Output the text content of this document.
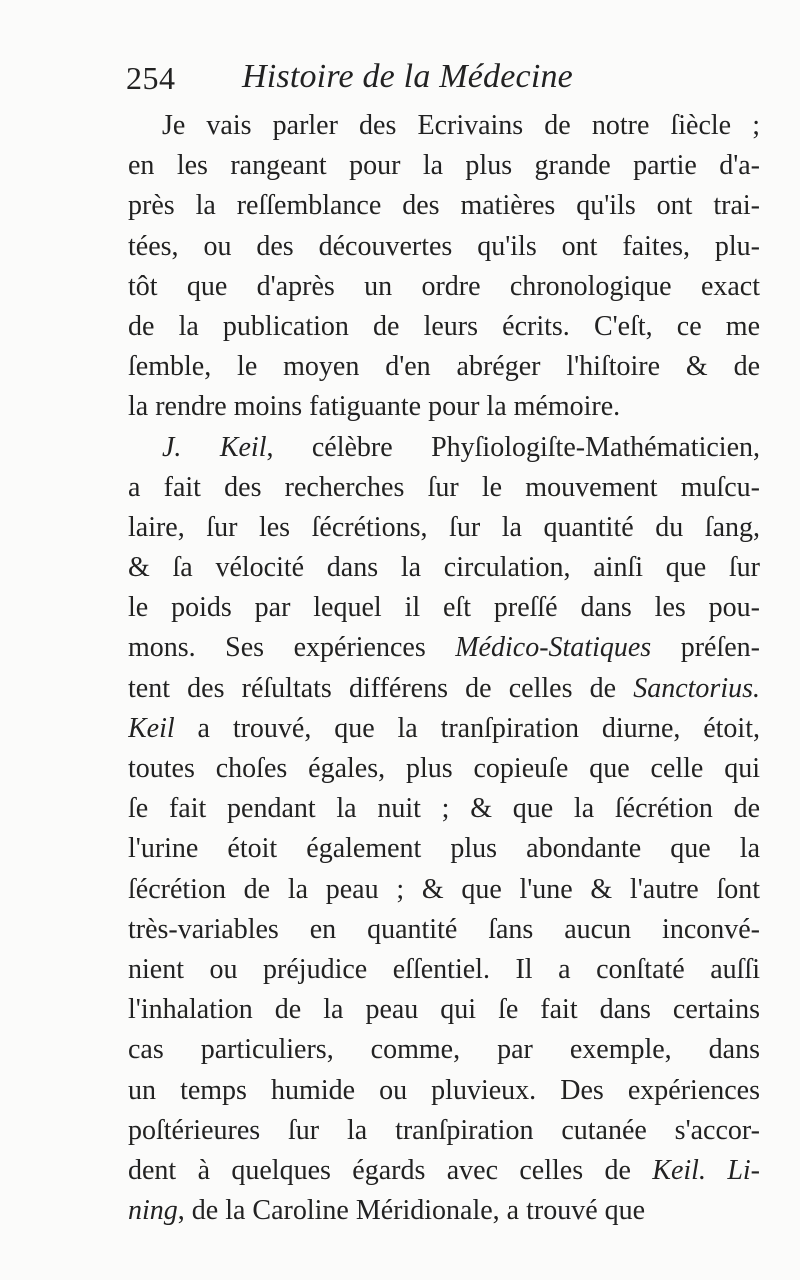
254 Histoire de la Médecine
Je vais parler des Ecrivains de notre ſiècle ;
en les rangeant pour la plus grande partie d'a-
près la reſſemblance des matières qu'ils ont trai-
tées, ou des découvertes qu'ils ont faites, plu-
tôt que d'après un ordre chronologique exact
de la publication de leurs écrits. C'eſt, ce me
ſemble, le moyen d'en abréger l'hiſtoire & de
la rendre moins fatiguante pour la mémoire.
J. Keil, célèbre Phyſiologiſte-Mathématicien,
a fait des recherches ſur le mouvement muſcu-
laire, ſur les ſécrétions, ſur la quantité du ſang,
& ſa vélocité dans la circulation, ainſi que ſur
le poids par lequel il eſt preſſé dans les pou-
mons. Ses expériences Médico-Statiques préſen-
tent des réſultats différens de celles de Sanctorius.
Keil a trouvé, que la tranſpiration diurne, étoit,
toutes choſes égales, plus copieuſe que celle qui
ſe fait pendant la nuit ; & que la ſécrétion de
l'urine étoit également plus abondante que la
ſécrétion de la peau ; & que l'une & l'autre ſont
très-variables en quantité ſans aucun inconvé-
nient ou préjudice eſſentiel. Il a conſtaté auſſi
l'inhalation de la peau qui ſe fait dans certains
cas particuliers, comme, par exemple, dans
un temps humide ou pluvieux. Des expériences
poſtérieures ſur la tranſpiration cutanée s'accor-
dent à quelques égards avec celles de Keil. Li-
ning, de la Caroline Méridionale, a trouvé que
